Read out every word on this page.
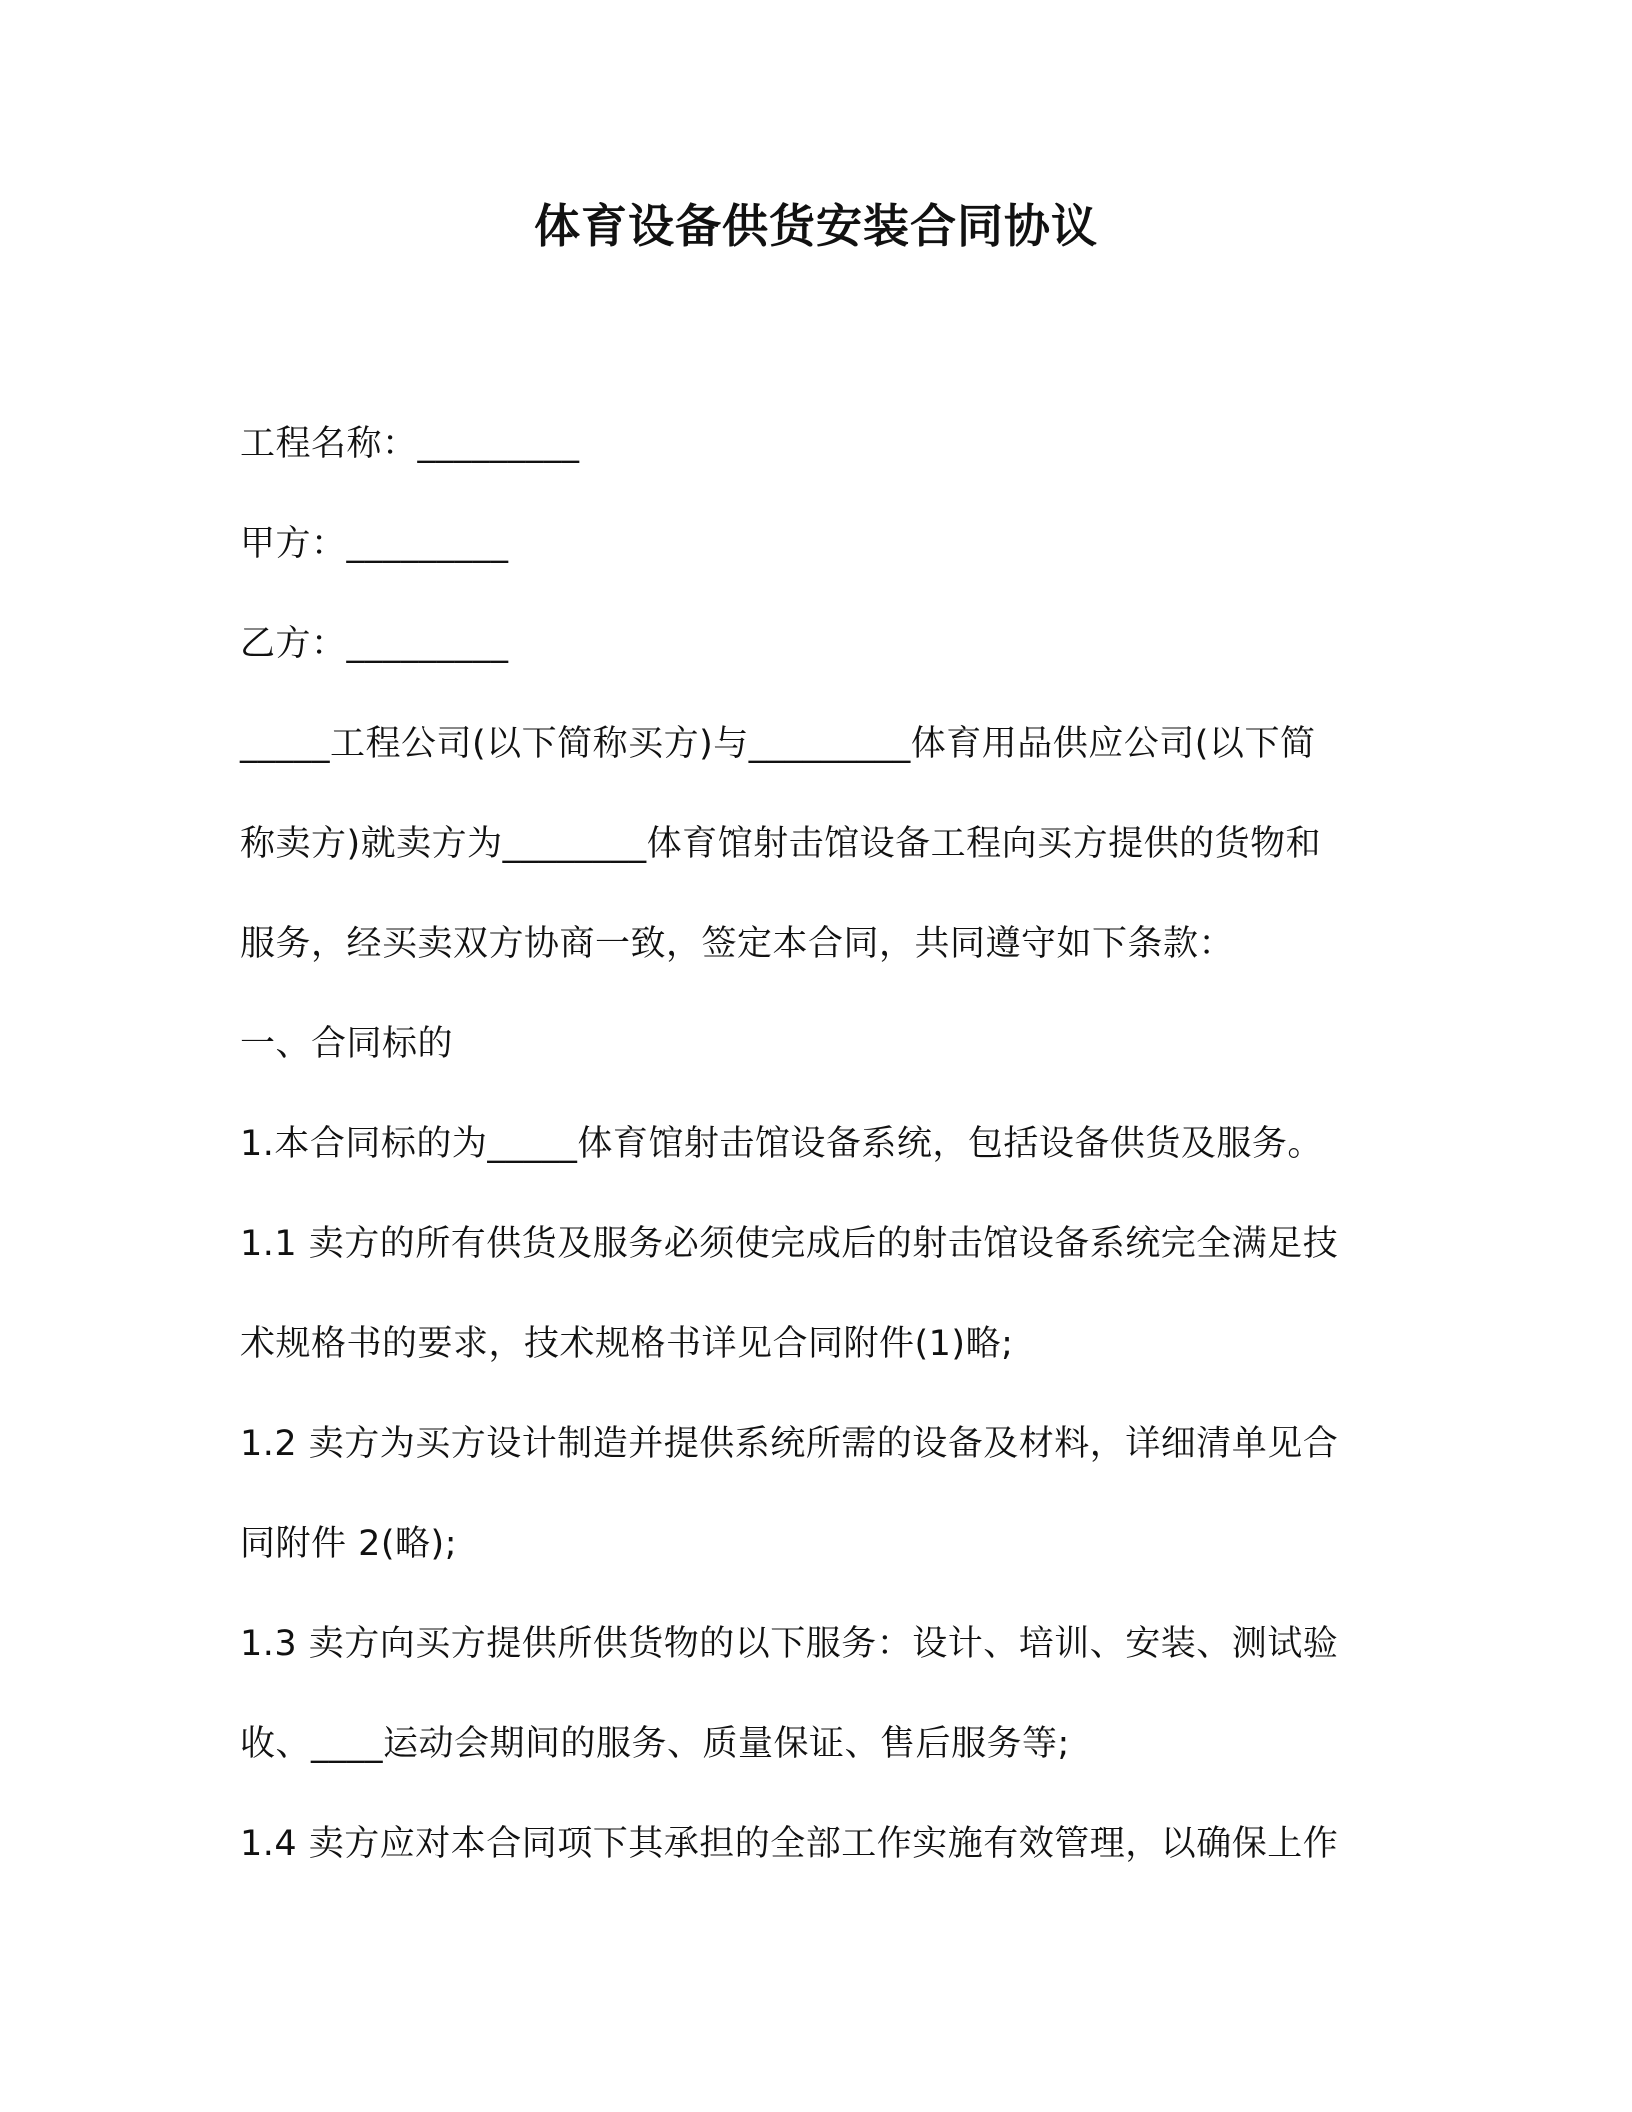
体育设备供货安装合同协议

工程名称：_________

甲方：_________

乙方：_________

_____工程公司(以下简称买方)与_________体育用品供应公司(以下简

称卖方)就卖方为________体育馆射击馆设备工程向买方提供的货物和

服务，经买卖双方协商一致，签定本合同，共同遵守如下条款：

一、合同标的

1.本合同标的为_____体育馆射击馆设备系统，包括设备供货及服务。

1.1 卖方的所有供货及服务必须使完成后的射击馆设备系统完全满足技

术规格书的要求，技术规格书详见合同附件(1)略;

1.2 卖方为买方设计制造并提供系统所需的设备及材料，详细清单见合

同附件 2(略);

1.3 卖方向买方提供所供货物的以下服务：设计、培训、安装、测试验

收、____运动会期间的服务、质量保证、售后服务等;

1.4 卖方应对本合同项下其承担的全部工作实施有效管理，以确保上作
